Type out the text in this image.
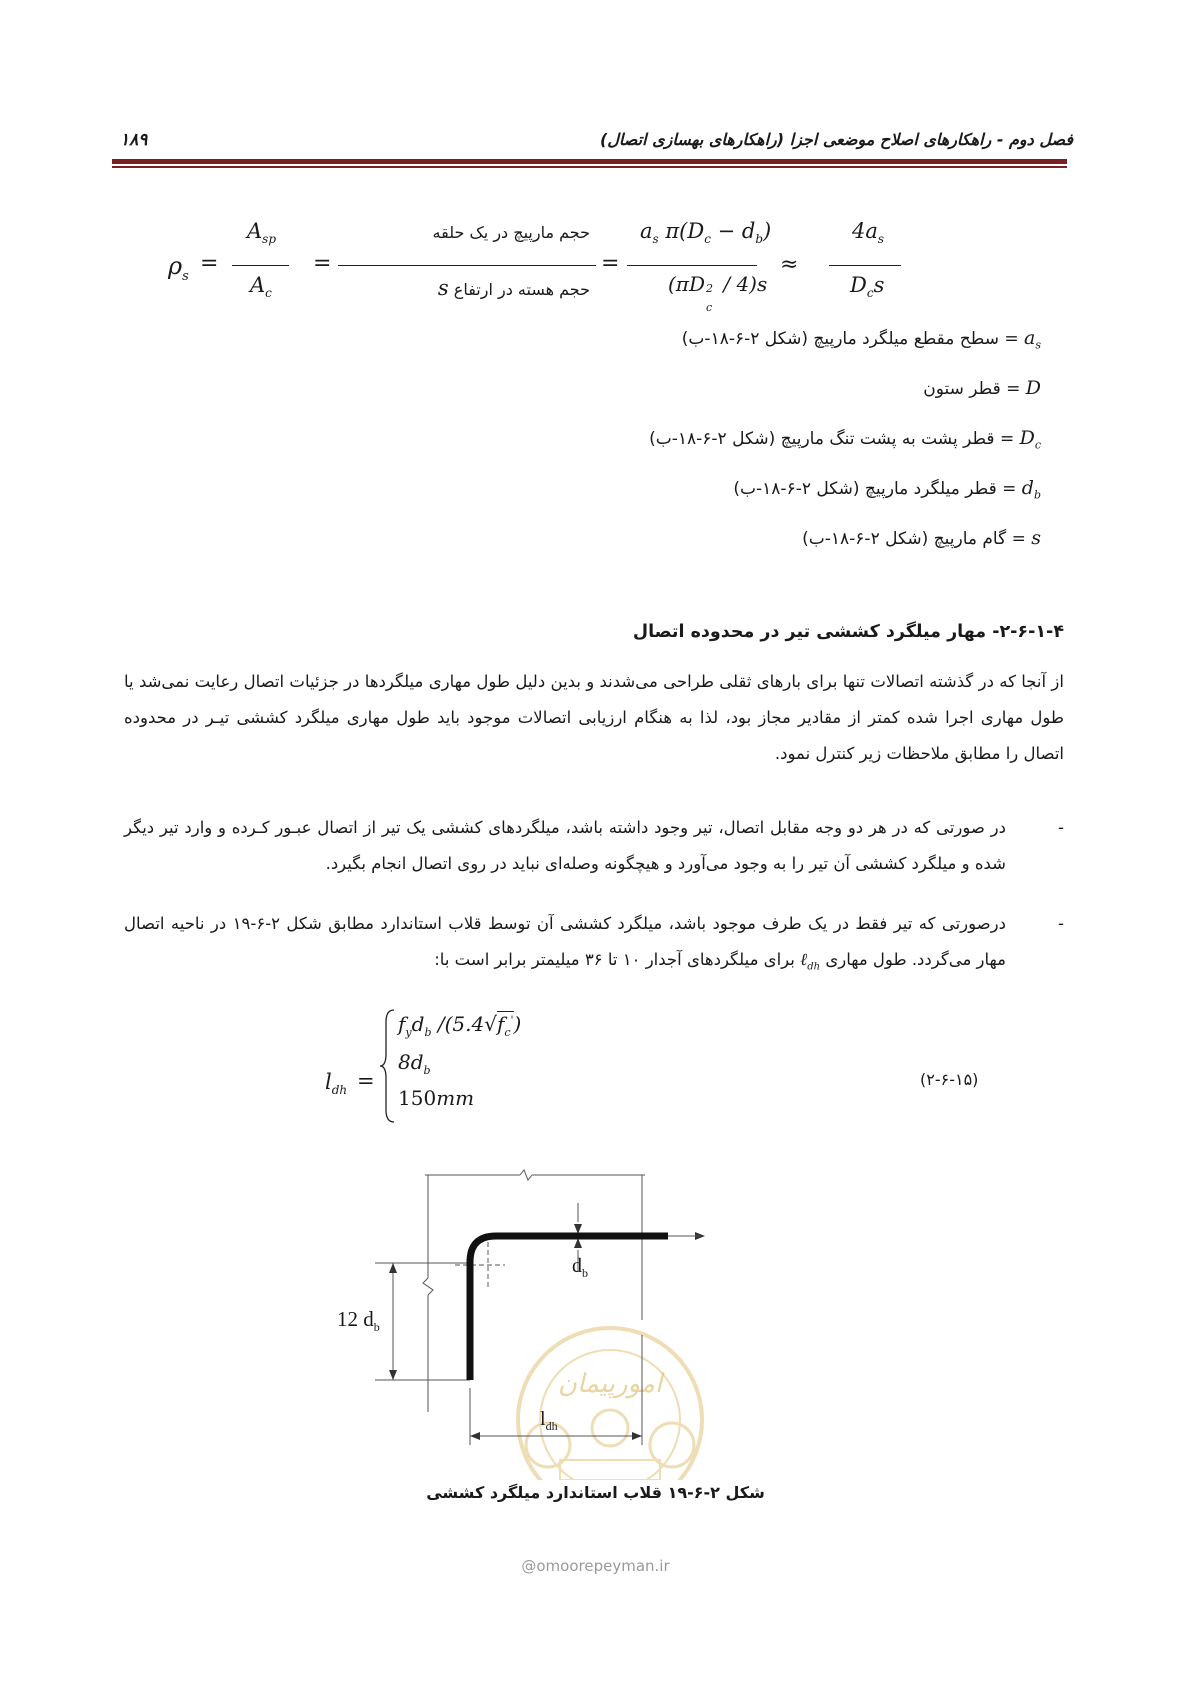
۱۸۹	فصل دوم - راهکارهای اصلاح موضعی اجزا (راهکارهای بهسازی اتصال)
$\rho_s$
=
$A_{sp}$
$A_c$
=
حجم مارپیچ در یک حلقه
حجم هسته در ارتفاع s
=
$a_s$ $\pi(D_c - d_b)$
(πD 2
c
/ 4)s
≈
$4a_s$
$D_cs$
$a_s$ = سطح مقطع میلگرد مارپیچ (شکل ۲-۶-۱۸-ب)
D = قطر ستون
$D_c$ = قطر پشت به پشت تنگ مارپیچ (شکل ۲-۶-۱۸-ب)
$d_b$ = قطر میلگرد مارپیچ (شکل ۲-۶-۱۸-ب)
s = گام مارپیچ (شکل ۲-۶-۱۸-ب)
۲-۶-۱-۴- مهار میلگرد کششی تیر در محدوده اتصال
از آنجا که در گذشته اتصالات تنها برای بارهای ثقلی طراحی می‌شدند و بدین دلیل طول مهاری میلگردها در جزئیات اتصال رعایت نمی‌شد یا طول مهاری اجرا شده کمتر از مقادیر مجاز بود، لذا به هنگام ارزیابی اتصالات موجود باید طول مهاری میلگرد کششی تیـر در محدوده اتصال را مطابق ملاحظات زیر کنترل نمود.
-
در صورتی که در هر دو وجه مقابل اتصال، تیر وجود داشته باشد، میلگردهای کششی یک تیر از اتصال عبـور کـرده و وارد تیر دیگر شده و میلگرد کششی آن تیر را به وجود می‌آورد و هیچگونه وصله‌ای نباید در روی اتصال انجام بگیرد.
-
درصورتی که تیر فقط در یک طرف موجود باشد، میلگرد کششی آن توسط قلاب استاندارد مطابق شکل ۲-۶-۱۹ در ناحیه اتصال مهار می‌گردد. طول مهاری ℓ$_{dh}$ برای میلگردهای آجدار ۱۰ تا ۳۶ میلیمتر برابر است با:
$l_{dh}$ =
$f_yd_b$ $/(5.4√f_c')$
$8d_b$
150mm
(۲-۶-۱۵)
امورپیمان
$d_b$
12 $d_b$
$l_{dh}$
شکل ۲-۶-۱۹ قلاب استاندارد میلگرد کششی
@omoorepeyman.ir
